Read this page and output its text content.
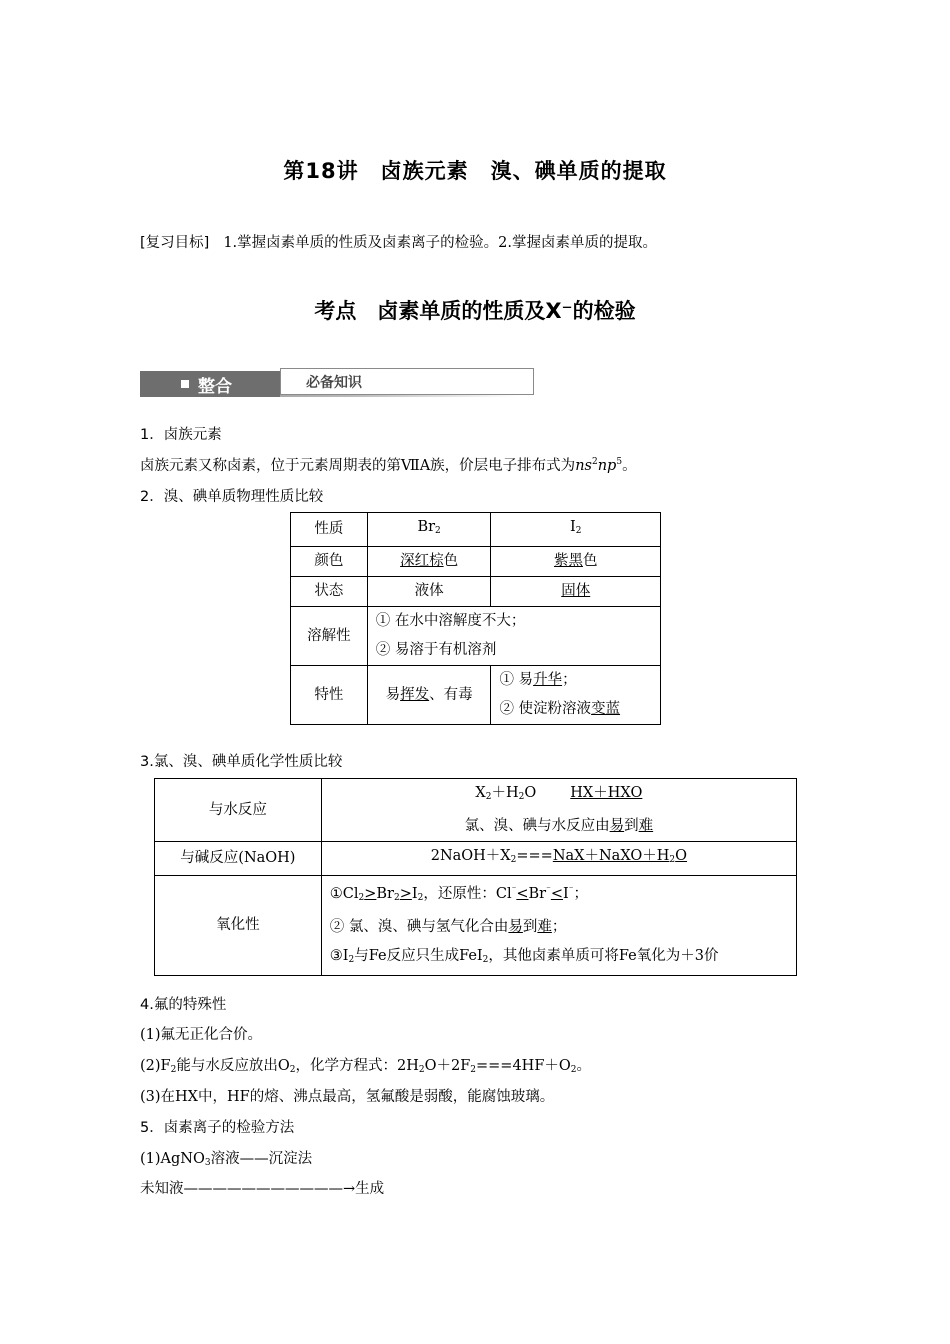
第18讲　卤族元素　溴、碘单质的提取
[复习目标] 1.掌握卤素单质的性质及卤素离子的检验。2.掌握卤素单质的提取。
考点　卤素单质的性质及X⁻的检验
整合	必备知识
1．卤族元素
卤族元素又称卤素，位于元素周期表的第ⅦA族，价层电子排布式为$ns^2np^5$。
2．溴、碘单质物理性质比较
性质	$Br_2$	$I_2$
颜色	深红棕色	紫黑色
状态	液体	固体
溶解性	① 在水中溶解度不大；
② 易溶于有机溶剂	

特性	易挥发、有毒	① 易升华；
② 使淀粉溶液变蓝
3.氯、溴、碘单质化学性质比较
与水反应	$X_2+H_2O$ HX＋HXO
氯、溴、碘与水反应由易到难

与碱反应(NaOH)	$2NaOH+X_2===NaX+NaXO+H_2O$
氧化性	$①Cl_2>Br_2>I_2$，还原性：Cl⁻<Br⁻<I⁻；
② 氯、溴、碘与氢气化合由易到难；
$③I_2$与Fe反应只生成FeI$_2$，其他卤素单质可将Fe氧化为＋3价
4.氟的特殊性
(1)氟无正化合价。
$(2)F_2$能与水反应放出$O_2$，化学方程式：$2H_2O+2F_2===4HF+O_2$。
(3)在HX中，HF的熔、沸点最高，氢氟酸是弱酸，能腐蚀玻璃。
5．卤素离子的检验方法
(1)AgNO$_3$溶液——沉淀法
未知液———————————→生成
